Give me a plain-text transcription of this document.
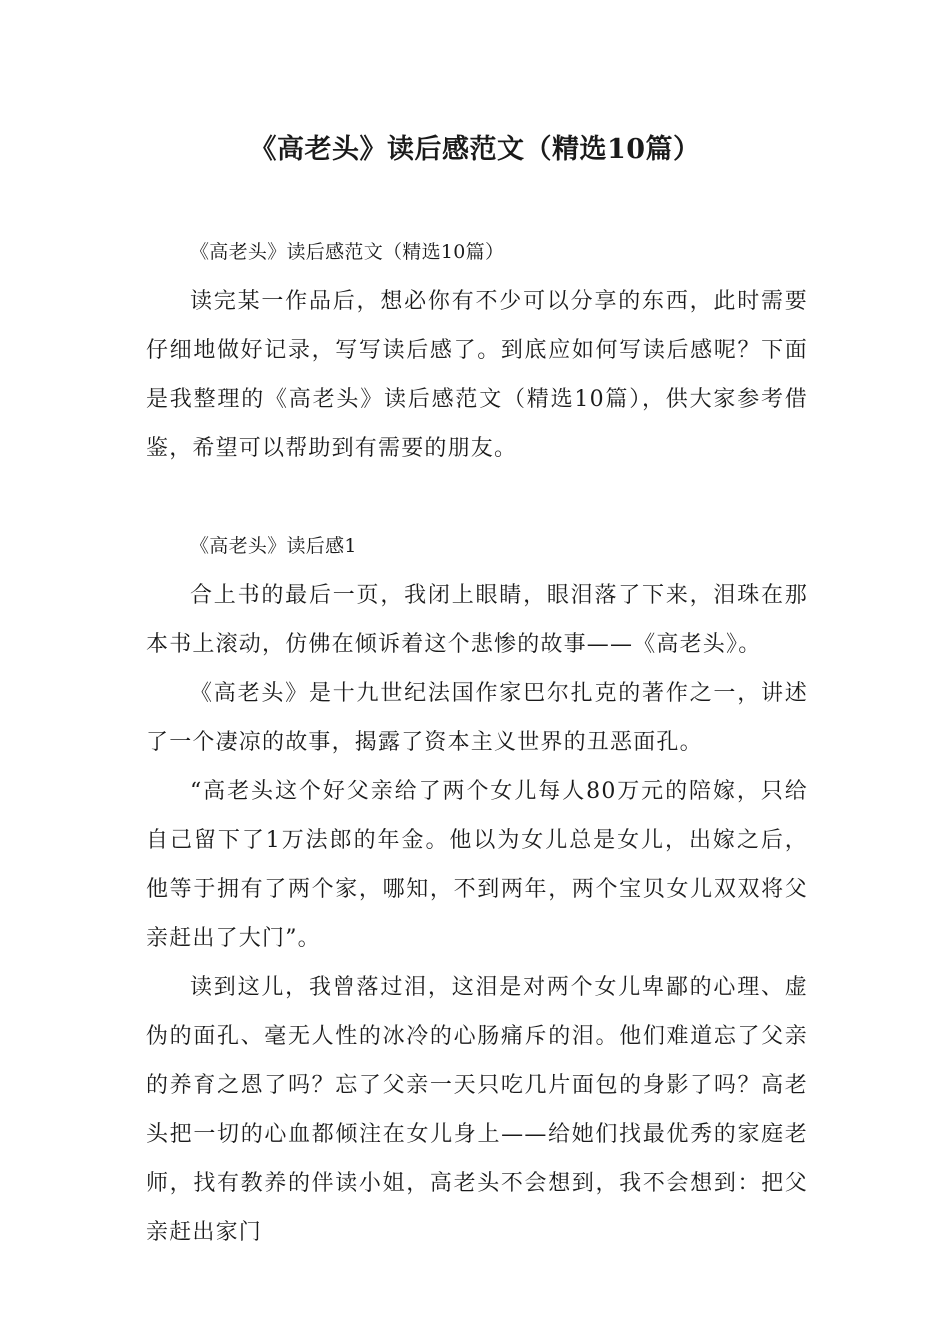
《高老头》读后感范文（精选10篇）

《高老头》读后感范文（精选10篇）

读完某一作品后，想必你有不少可以分享的东西，此时需要仔细地做好记录，写写读后感了。到底应如何写读后感呢？下面是我整理的《高老头》读后感范文（精选10篇），供大家参考借鉴，希望可以帮助到有需要的朋友。

《高老头》读后感1

合上书的最后一页，我闭上眼睛，眼泪落了下来，泪珠在那本书上滚动，仿佛在倾诉着这个悲惨的故事——《高老头》。

《高老头》是十九世纪法国作家巴尔扎克的著作之一，讲述了一个凄凉的故事，揭露了资本主义世界的丑恶面孔。

“高老头这个好父亲给了两个女儿每人80万元的陪嫁，只给自己留下了1万法郎的年金。他以为女儿总是女儿，出嫁之后，他等于拥有了两个家，哪知，不到两年，两个宝贝女儿双双将父亲赶出了大门”。

读到这儿，我曾落过泪，这泪是对两个女儿卑鄙的心理、虚伪的面孔、毫无人性的冰冷的心肠痛斥的泪。他们难道忘了父亲的养育之恩了吗？忘了父亲一天只吃几片面包的身影了吗？高老头把一切的心血都倾注在女儿身上——给她们找最优秀的家庭老师，找有教养的伴读小姐，高老头不会想到，我不会想到：把父亲赶出家门
